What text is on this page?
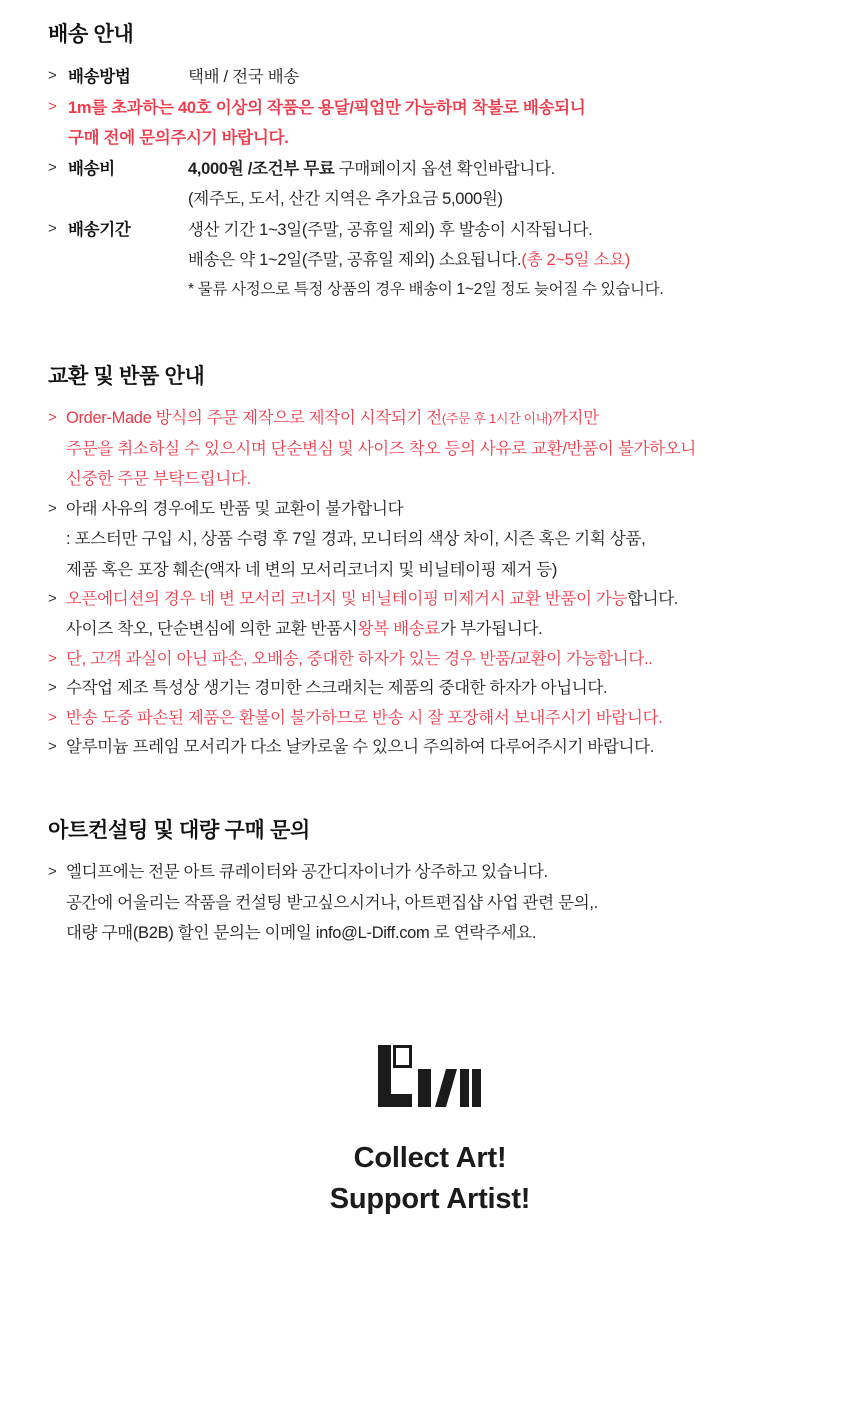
배송 안내
> 배송방법	택배 / 전국 배송
> 1m를 초과하는 40호 이상의 작품은 용달/픽업만 가능하며 착불로 배송되니
구매 전에 문의주시기 바랍니다.
> 배송비	4,000원 /조건부 무료 구매페이지 옵션 확인바랍니다.
(제주도, 도서, 산간 지역은 추가요금 5,000원)
> 배송기간	생산 기간 1~3일(주말, 공휴일 제외) 후 발송이 시작됩니다.
배송은 약 1~2일(주말, 공휴일 제외) 소요됩니다. (총 2~5일 소요)
* 물류 사정으로 특정 상품의 경우 배송이 1~2일 정도 늦어질 수 있습니다.
교환 및 반품 안내
> Order-Made 방식의 주문 제작으로 제작이 시작되기 전(주문 후 1시간 이내)까지만
주문을 취소하실 수 있으시며 단순변심 및 사이즈 착오 등의 사유로 교환/반품이 불가하오니
신중한 주문 부탁드립니다.
> 아래 사유의 경우에도 반품 및 교환이 불가합니다
: 포스터만 구입 시, 상품 수령 후 7일 경과, 모니터의 색상 차이, 시즌 혹은 기획 상품,
제품 혹은 포장 훼손(액자 네 변의 모서리코너지 및 비닐테이핑 제거 등)
> 오픈에디션의 경우 네 변 모서리 코너지 및 비닐테이핑 미제거시 교환 반품이 가능합니다.
사이즈 착오, 단순변심에 의한 교환 반품시 왕복 배송료 가 부가됩니다.
> 단, 고객 과실이 아닌 파손, 오배송, 중대한 하자가 있는 경우 반품/교환이 가능합니다..
> 수작업 제조 특성상 생기는 경미한 스크래치는 제품의 중대한 하자가 아닙니다.
> 반송 도중 파손된 제품은 환불이 불가하므로 반송 시 잘 포장해서 보내주시기 바랍니다.
> 알루미늄 프레임 모서리가 다소 날카로울 수 있으니 주의하여 다루어주시기 바랍니다.
아트컨설팅 및 대량 구매 문의
> 엘디프에는 전문 아트 큐레이터와 공간디자이너가 상주하고 있습니다.
공간에 어울리는 작품을 컨설팅 받고싶으시거나, 아트편집샵 사업 관련 문의,.
대량 구매(B2B) 할인 문의는 이메일 info@L-Diff.com 로 연락주세요.
Collect Art!
Support Artist!
